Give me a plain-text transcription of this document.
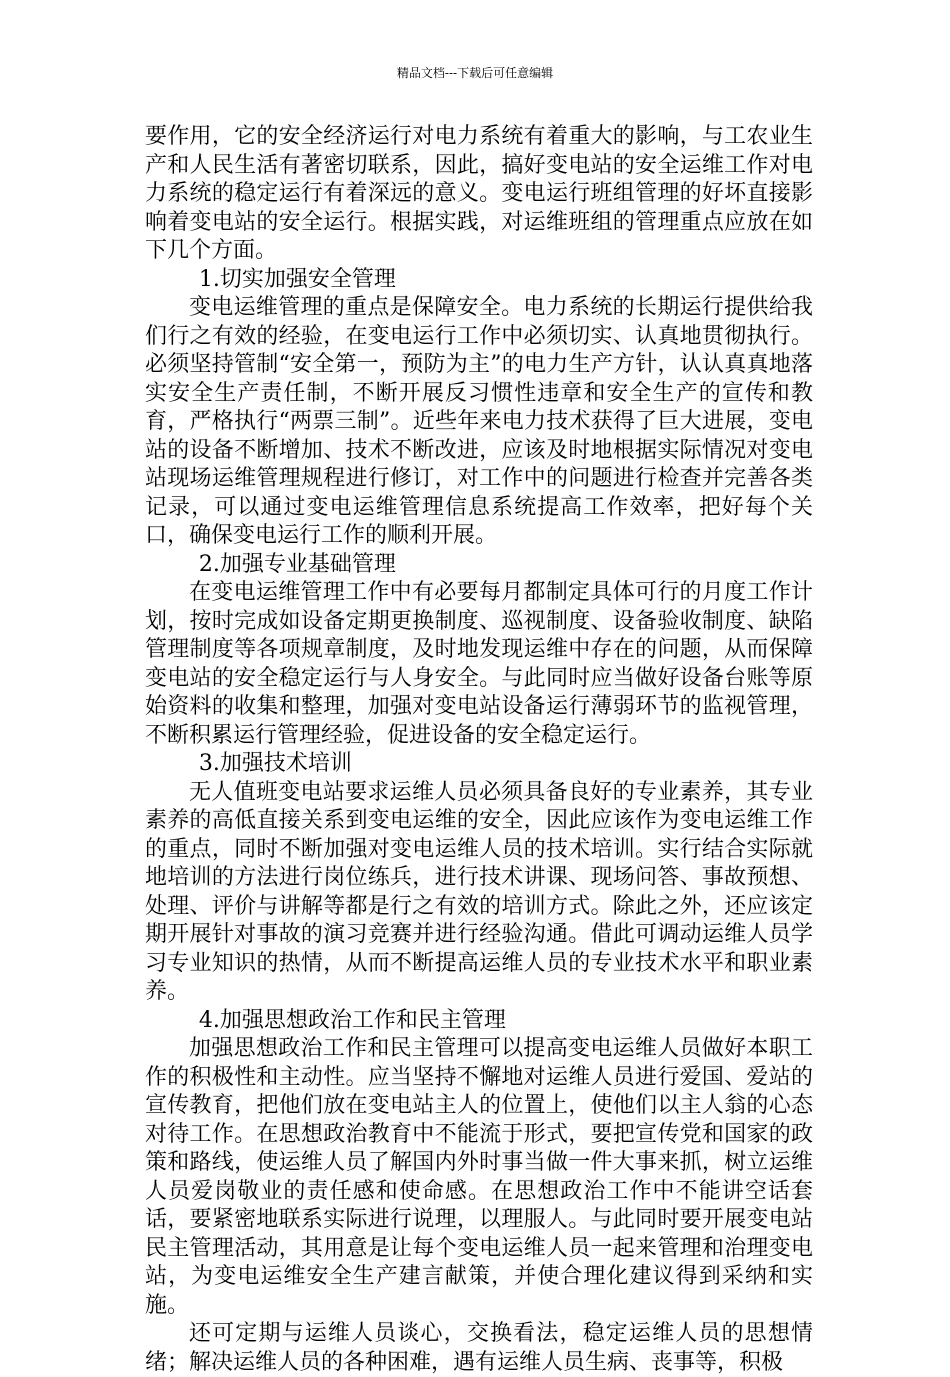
精品文档---下载后可任意编辑

要作用，它的安全经济运行对电力系统有着重大的影响，与工农业生产和人民生活有著密切联系，因此，搞好变电站的安全运维工作对电力系统的稳定运行有着深远的意义。变电运行班组管理的好坏直接影响着变电站的安全运行。根据实践，对运维班组的管理重点应放在如下几个方面。

1.切实加强安全管理

变电运维管理的重点是保障安全。电力系统的长期运行提供给我们行之有效的经验，在变电运行工作中必须切实、认真地贯彻执行。必须坚持管制“安全第一，预防为主”的电力生产方针，认认真真地落实安全生产责任制，不断开展反习惯性违章和安全生产的宣传和教育，严格执行“两票三制”。近些年来电力技术获得了巨大进展，变电站的设备不断增加、技术不断改进，应该及时地根据实际情况对变电站现场运维管理规程进行修订，对工作中的问题进行检查并完善各类记录，可以通过变电运维管理信息系统提高工作效率，把好每个关口，确保变电运行工作的顺利开展。

2.加强专业基础管理

在变电运维管理工作中有必要每月都制定具体可行的月度工作计划，按时完成如设备定期更换制度、巡视制度、设备验收制度、缺陷管理制度等各项规章制度，及时地发现运维中存在的问题，从而保障变电站的安全稳定运行与人身安全。与此同时应当做好设备台账等原始资料的收集和整理，加强对变电站设备运行薄弱环节的监视管理，不断积累运行管理经验，促进设备的安全稳定运行。

3.加强技术培训

无人值班变电站要求运维人员必须具备良好的专业素养，其专业素养的高低直接关系到变电运维的安全，因此应该作为变电运维工作的重点，同时不断加强对变电运维人员的技术培训。实行结合实际就地培训的方法进行岗位练兵，进行技术讲课、现场问答、事故预想、处理、评价与讲解等都是行之有效的培训方式。除此之外，还应该定期开展针对事故的演习竞赛并进行经验沟通。借此可调动运维人员学习专业知识的热情，从而不断提高运维人员的专业技术水平和职业素养。

4.加强思想政治工作和民主管理

加强思想政治工作和民主管理可以提高变电运维人员做好本职工作的积极性和主动性。应当坚持不懈地对运维人员进行爱国、爱站的宣传教育，把他们放在变电站主人的位置上，使他们以主人翁的心态对待工作。在思想政治教育中不能流于形式，要把宣传党和国家的政策和路线，使运维人员了解国内外时事当做一件大事来抓，树立运维人员爱岗敬业的责任感和使命感。在思想政治工作中不能讲空话套话，要紧密地联系实际进行说理，以理服人。与此同时要开展变电站民主管理活动，其用意是让每个变电运维人员一起来管理和治理变电站，为变电运维安全生产建言献策，并使合理化建议得到采纳和实施。

还可定期与运维人员谈心，交换看法，稳定运维人员的思想情绪；解决运维人员的各种困难，遇有运维人员生病、丧事等，积极
